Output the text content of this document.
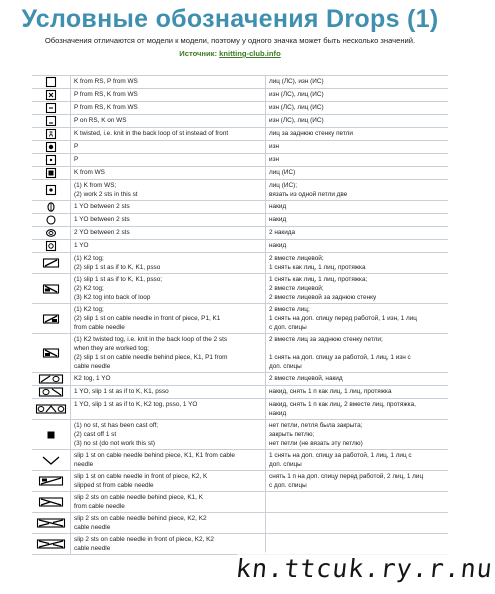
Условные обозначения Drops (1)
Обозначения отличаются от модели к модели, поэтому у одного значка может быть несколько значений.
Источник: knitting-club.info

K from RS, P from WS	лиц (ЛС), изн (ИС)

P from RS, K from WS	изн (ЛС), лиц (ИС)

P from RS, K from WS	изн (ЛС), лиц (ИС)

P on RS, K on WS	изн (ЛС), лиц (ИС)

K twisted, i.e. knit in the back loop of st instead of front	лиц за заднюю стенку петли

P	изн

P	изн

K from WS	лиц (ИС)

(1) K from WS;
(2) work 2 sts in this st	лиц (ИС);
вязать из одной петли две

1 YO between 2 sts	накид

1 YO between 2 sts	накид

2 YO between 2 sts	2 накида

1 YO	накид

(1) K2 tog;
(2) slip 1 st as if to K, K1, psso	2 вместе лицевой;
1 снять как лиц, 1 лиц, протяжка

(1) slip 1 st as if to K, K1, psso;
(2) K2 tog;
(3) K2 tog into back of loop	1 снять как лиц, 1 лиц, протяжка;
2 вместе лицевой;
2 вместе лицевой за заднюю стенку

(1) K2 tog;
(2) slip 1 st on cable needle in front of piece, P1, K1
from cable needle	2 вместе лиц;
1 снять на доп. спицу перед работой, 1 изн, 1 лиц
с доп. спицы

(1) K2 twisted tog, i.e. knit in the back loop of the 2 sts
when they are worked tog;
(2) slip 1 st on cable needle behind piece, K1, P1 from
cable needle	2 вместе лиц за заднюю стенку петли;

1 снять на доп. спицу за работой, 1 лиц, 1 изн с
доп. спицы

K2 tog, 1 YO	2 вместе лицевой, накид

1 YO, slip 1 st as if to K, K1, psso	накид, снять 1 п как лиц, 1 лиц, протяжка

1 YO, slip 1 st as if to K, K2 tog, psso, 1 YO	накид, снять 1 п как лиц, 2 вместе лиц, протяжка,
накид

(1) no st, st has been cast off;
(2) cast off 1 st
(3) no st (do not work this st)	нет петли, петля была закрыта;
закрыть петлю;
нет петли (не вязать эту петлю)

slip 1 st on cable needle behind piece, K1, K1 from cable
needle	1 снять на доп. спицу за работой, 1 лиц, 1 лиц с
доп. спицы

slip 1 st on cable needle in front of piece, K2, K
slipped st from cable needle	снять 1 п на доп. спицу перед работой, 2 лиц, 1 лиц
с доп. спицы

slip 2 sts on cable needle behind piece, K1, K
from cable needle	

slip 2 sts on cable needle behind piece, K2, K2
cable needle	

slip 2 sts on cable needle in front of piece, K2, K2
cable needle	

kn.ttcuk.ry.r.nu
